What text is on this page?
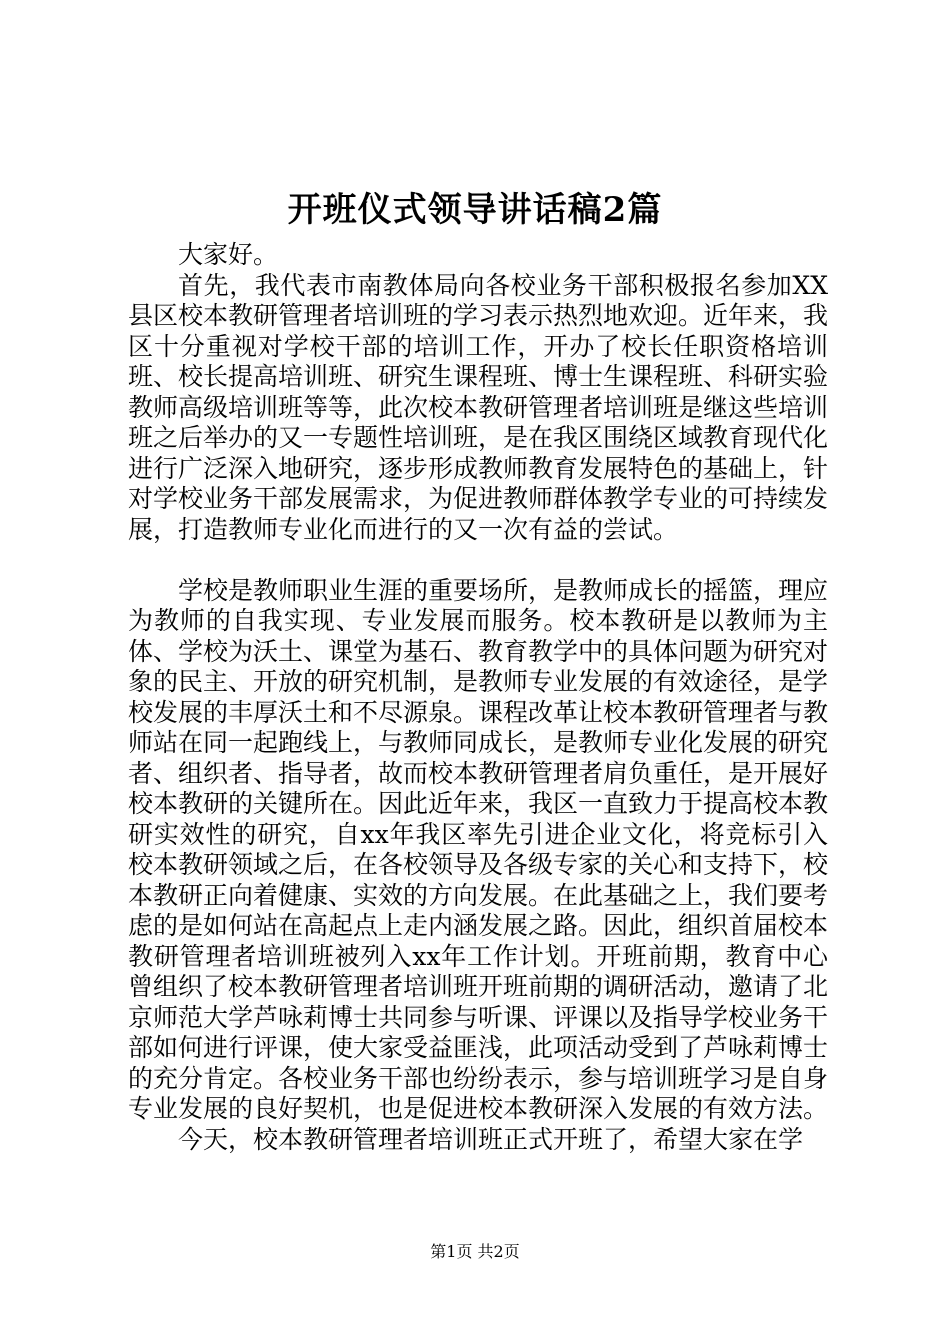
开班仪式领导讲话稿2篇

大家好。

首先，我代表市南教体局向各校业务干部积极报名参加XX县区校本教研管理者培训班的学习表示热烈地欢迎。近年来，我区十分重视对学校干部的培训工作，开办了校长任职资格培训班、校长提高培训班、研究生课程班、博士生课程班、科研实验教师高级培训班等等，此次校本教研管理者培训班是继这些培训班之后举办的又一专题性培训班，是在我区围绕区域教育现代化进行广泛深入地研究，逐步形成教师教育发展特色的基础上，针对学校业务干部发展需求，为促进教师群体教学专业的可持续发展，打造教师专业化而进行的又一次有益的尝试。

学校是教师职业生涯的重要场所，是教师成长的摇篮，理应为教师的自我实现、专业发展而服务。校本教研是以教师为主体、学校为沃土、课堂为基石、教育教学中的具体问题为研究对象的民主、开放的研究机制，是教师专业发展的有效途径，是学校发展的丰厚沃土和不尽源泉。课程改革让校本教研管理者与教师站在同一起跑线上，与教师同成长，是教师专业化发展的研究者、组织者、指导者，故而校本教研管理者肩负重任，是开展好校本教研的关键所在。因此近年来，我区一直致力于提高校本教研实效性的研究，自xx年我区率先引进企业文化，将竞标引入校本教研领域之后，在各校领导及各级专家的关心和支持下，校本教研正向着健康、实效的方向发展。在此基础之上，我们要考虑的是如何站在高起点上走内涵发展之路。因此，组织首届校本教研管理者培训班被列入xx年工作计划。开班前期，教育中心曾组织了校本教研管理者培训班开班前期的调研活动，邀请了北京师范大学芦咏莉博士共同参与听课、评课以及指导学校业务干部如何进行评课，使大家受益匪浅，此项活动受到了芦咏莉博士的充分肯定。各校业务干部也纷纷表示，参与培训班学习是自身专业发展的良好契机，也是促进校本教研深入发展的有效方法。

今天，校本教研管理者培训班正式开班了，希望大家在学

第1页 共2页
